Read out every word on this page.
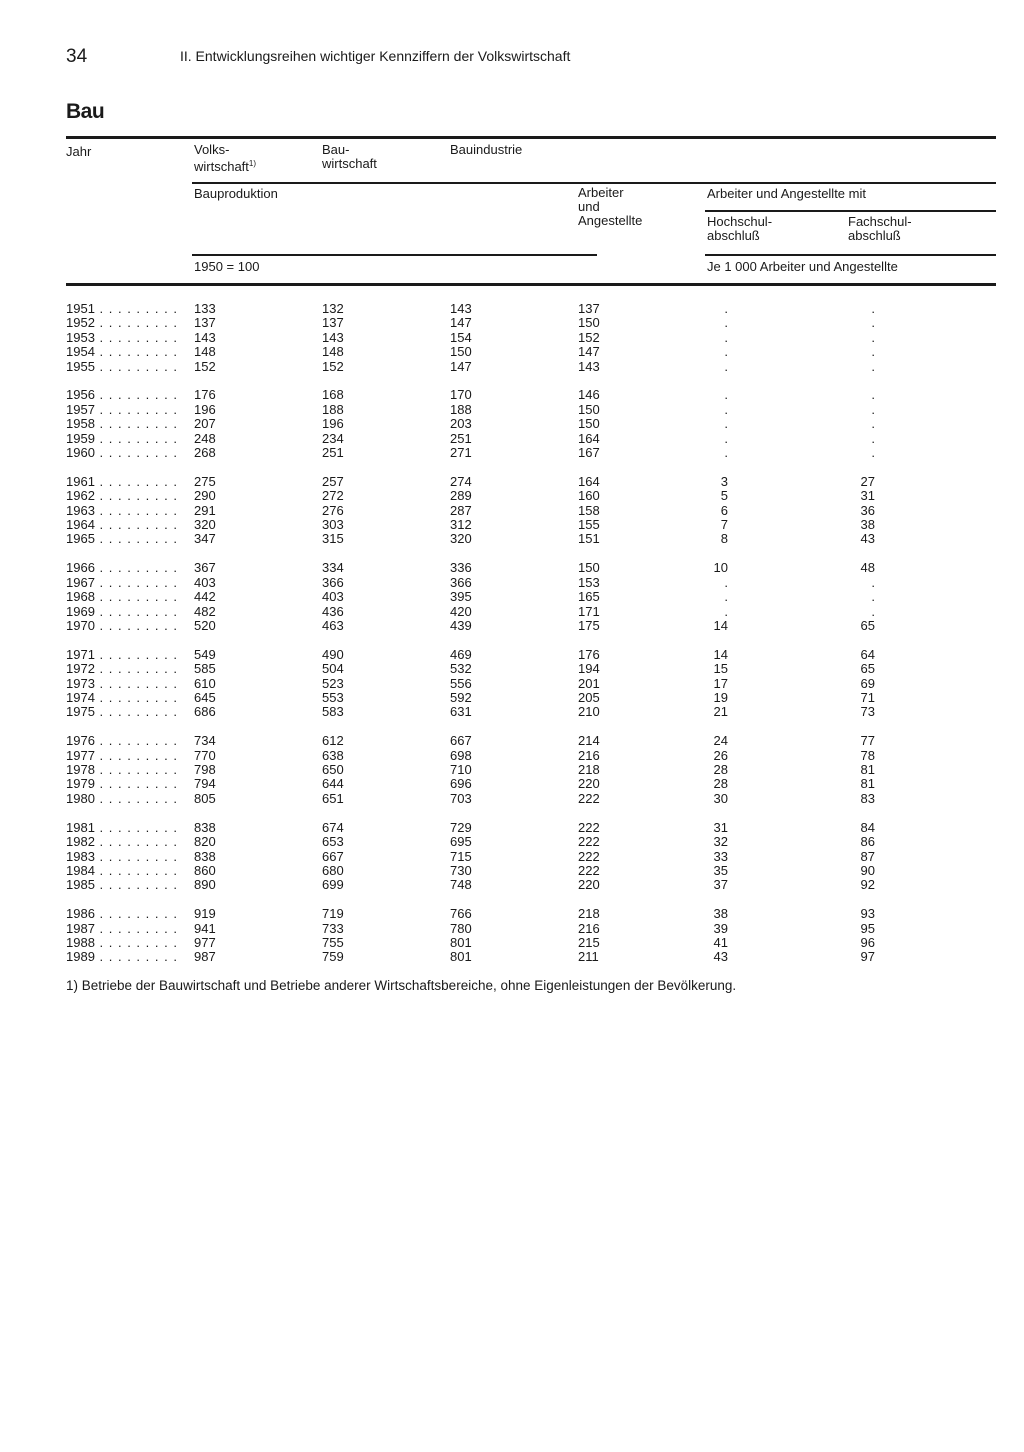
34	II. Entwicklungsreihen wichtiger Kennziffern der Volkswirtschaft
Bau
Jahr	Volks-
wirtschaft$^{1)}$
Bau-
wirtschaft
Bauindustrie
Bauproduktion	Arbeiter
und
Angestellte
Arbeiter und Angestellte mit
Hochschul-
abschluß
Fachschul-
abschluß
1950 = 100	Je 1 000 Arbeiter und Angestellte
1951 . . .	133	132	143	137	.	.
1952 . . .	137	137	147	150	.	.
1953 . . .	143	143	154	152	.	.
1954 . . .	148	148	150	147	.	.
1955 . . .	152	152	147	143	.	.
1956 . . .	176	168	170	146	.	.
1957 . . .	196	188	188	150	.	.
1958 . . .	207	196	203	150	.	.
1959 . . .	248	234	251	164	.	.
1960 . . .	268	251	271	167	.	.
1961 . . .	275	257	274	164	3	27
1962 . . .	290	272	289	160	5	31
1963 . . .	291	276	287	158	6	36
1964 . . .	320	303	312	155	7	38
1965 . . .	347	315	320	151	8	43
1966 . . .	367	334	336	150	10	48
1967 . . .	403	366	366	153	.	.
1968 . . .	442	403	395	165	.	.
1969 . . .	482	436	420	171	.	.
1970 . . .	520	463	439	175	14	65
1971 . . .	549	490	469	176	14	64
1972 . . .	585	504	532	194	15	65
1973 . . .	610	523	556	201	17	69
1974 . . .	645	553	592	205	19	71
1975 . . .	686	583	631	210	21	73
1976 . . .	734	612	667	214	24	77
1977 . . .	770	638	698	216	26	78
1978 . . .	798	650	710	218	28	81
1979 . . .	794	644	696	220	28	81
1980 . . .	805	651	703	222	30	83
1981 . . .	838	674	729	222	31	84
1982 . . .	820	653	695	222	32	86
1983 . . .	838	667	715	222	33	87
1984 . . .	860	680	730	222	35	90
1985 . . .	890	699	748	220	37	92
1986 . . .	919	719	766	218	38	93
1987 . . .	941	733	780	216	39	95
1988 . . .	977	755	801	215	41	96
1989 . . .	987	759	801	211	43	97
1) Betriebe der Bauwirtschaft und Betriebe anderer Wirtschaftsbereiche, ohne Eigenleistungen der Bevölkerung.
